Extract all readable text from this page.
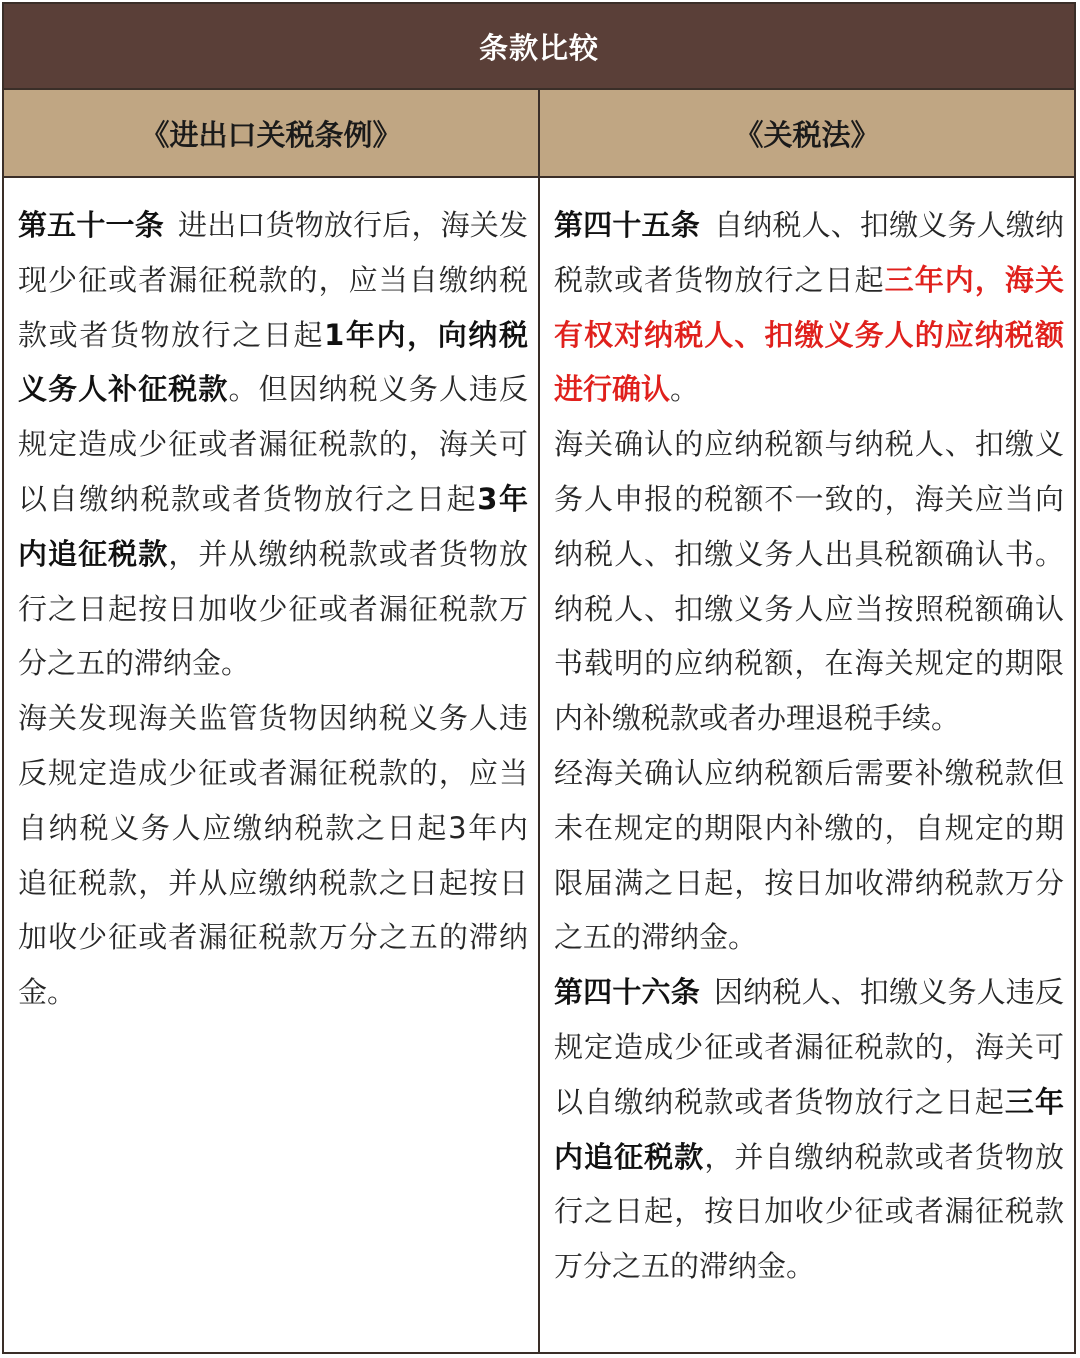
条款比较
《进出口关税条例》	《关税法》

第五十一条 进出口货物放行后，海关发现少征或者漏征税款的，应当自缴纳税款或者货物放行之日起1年内，向纳税义务人补征税款。但因纳税义务人违反规定造成少征或者漏征税款的，海关可以自缴纳税款或者货物放行之日起3年内追征税款，并从缴纳税款或者货物放行之日起按日加收少征或者漏征税款万分之五的滞纳金。

海关发现海关监管货物因纳税义务人违反规定造成少征或者漏征税款的，应当自纳税义务人应缴纳税款之日起3年内追征税款，并从应缴纳税款之日起按日加收少征或者漏征税款万分之五的滞纳金。

第四十五条 自纳税人、扣缴义务人缴纳税款或者货物放行之日起三年内，海关有权对纳税人、扣缴义务人的应纳税额进行确认。

海关确认的应纳税额与纳税人、扣缴义务人申报的税额不一致的，海关应当向纳税人、扣缴义务人出具税额确认书。纳税人、扣缴义务人应当按照税额确认书载明的应纳税额，在海关规定的期限内补缴税款或者办理退税手续。

经海关确认应纳税额后需要补缴税款但未在规定的期限内补缴的，自规定的期限届满之日起，按日加收滞纳税款万分之五的滞纳金。

第四十六条 因纳税人、扣缴义务人违反规定造成少征或者漏征税款的，海关可以自缴纳税款或者货物放行之日起三年内追征税款，并自缴纳税款或者货物放行之日起，按日加收少征或者漏征税款万分之五的滞纳金。
